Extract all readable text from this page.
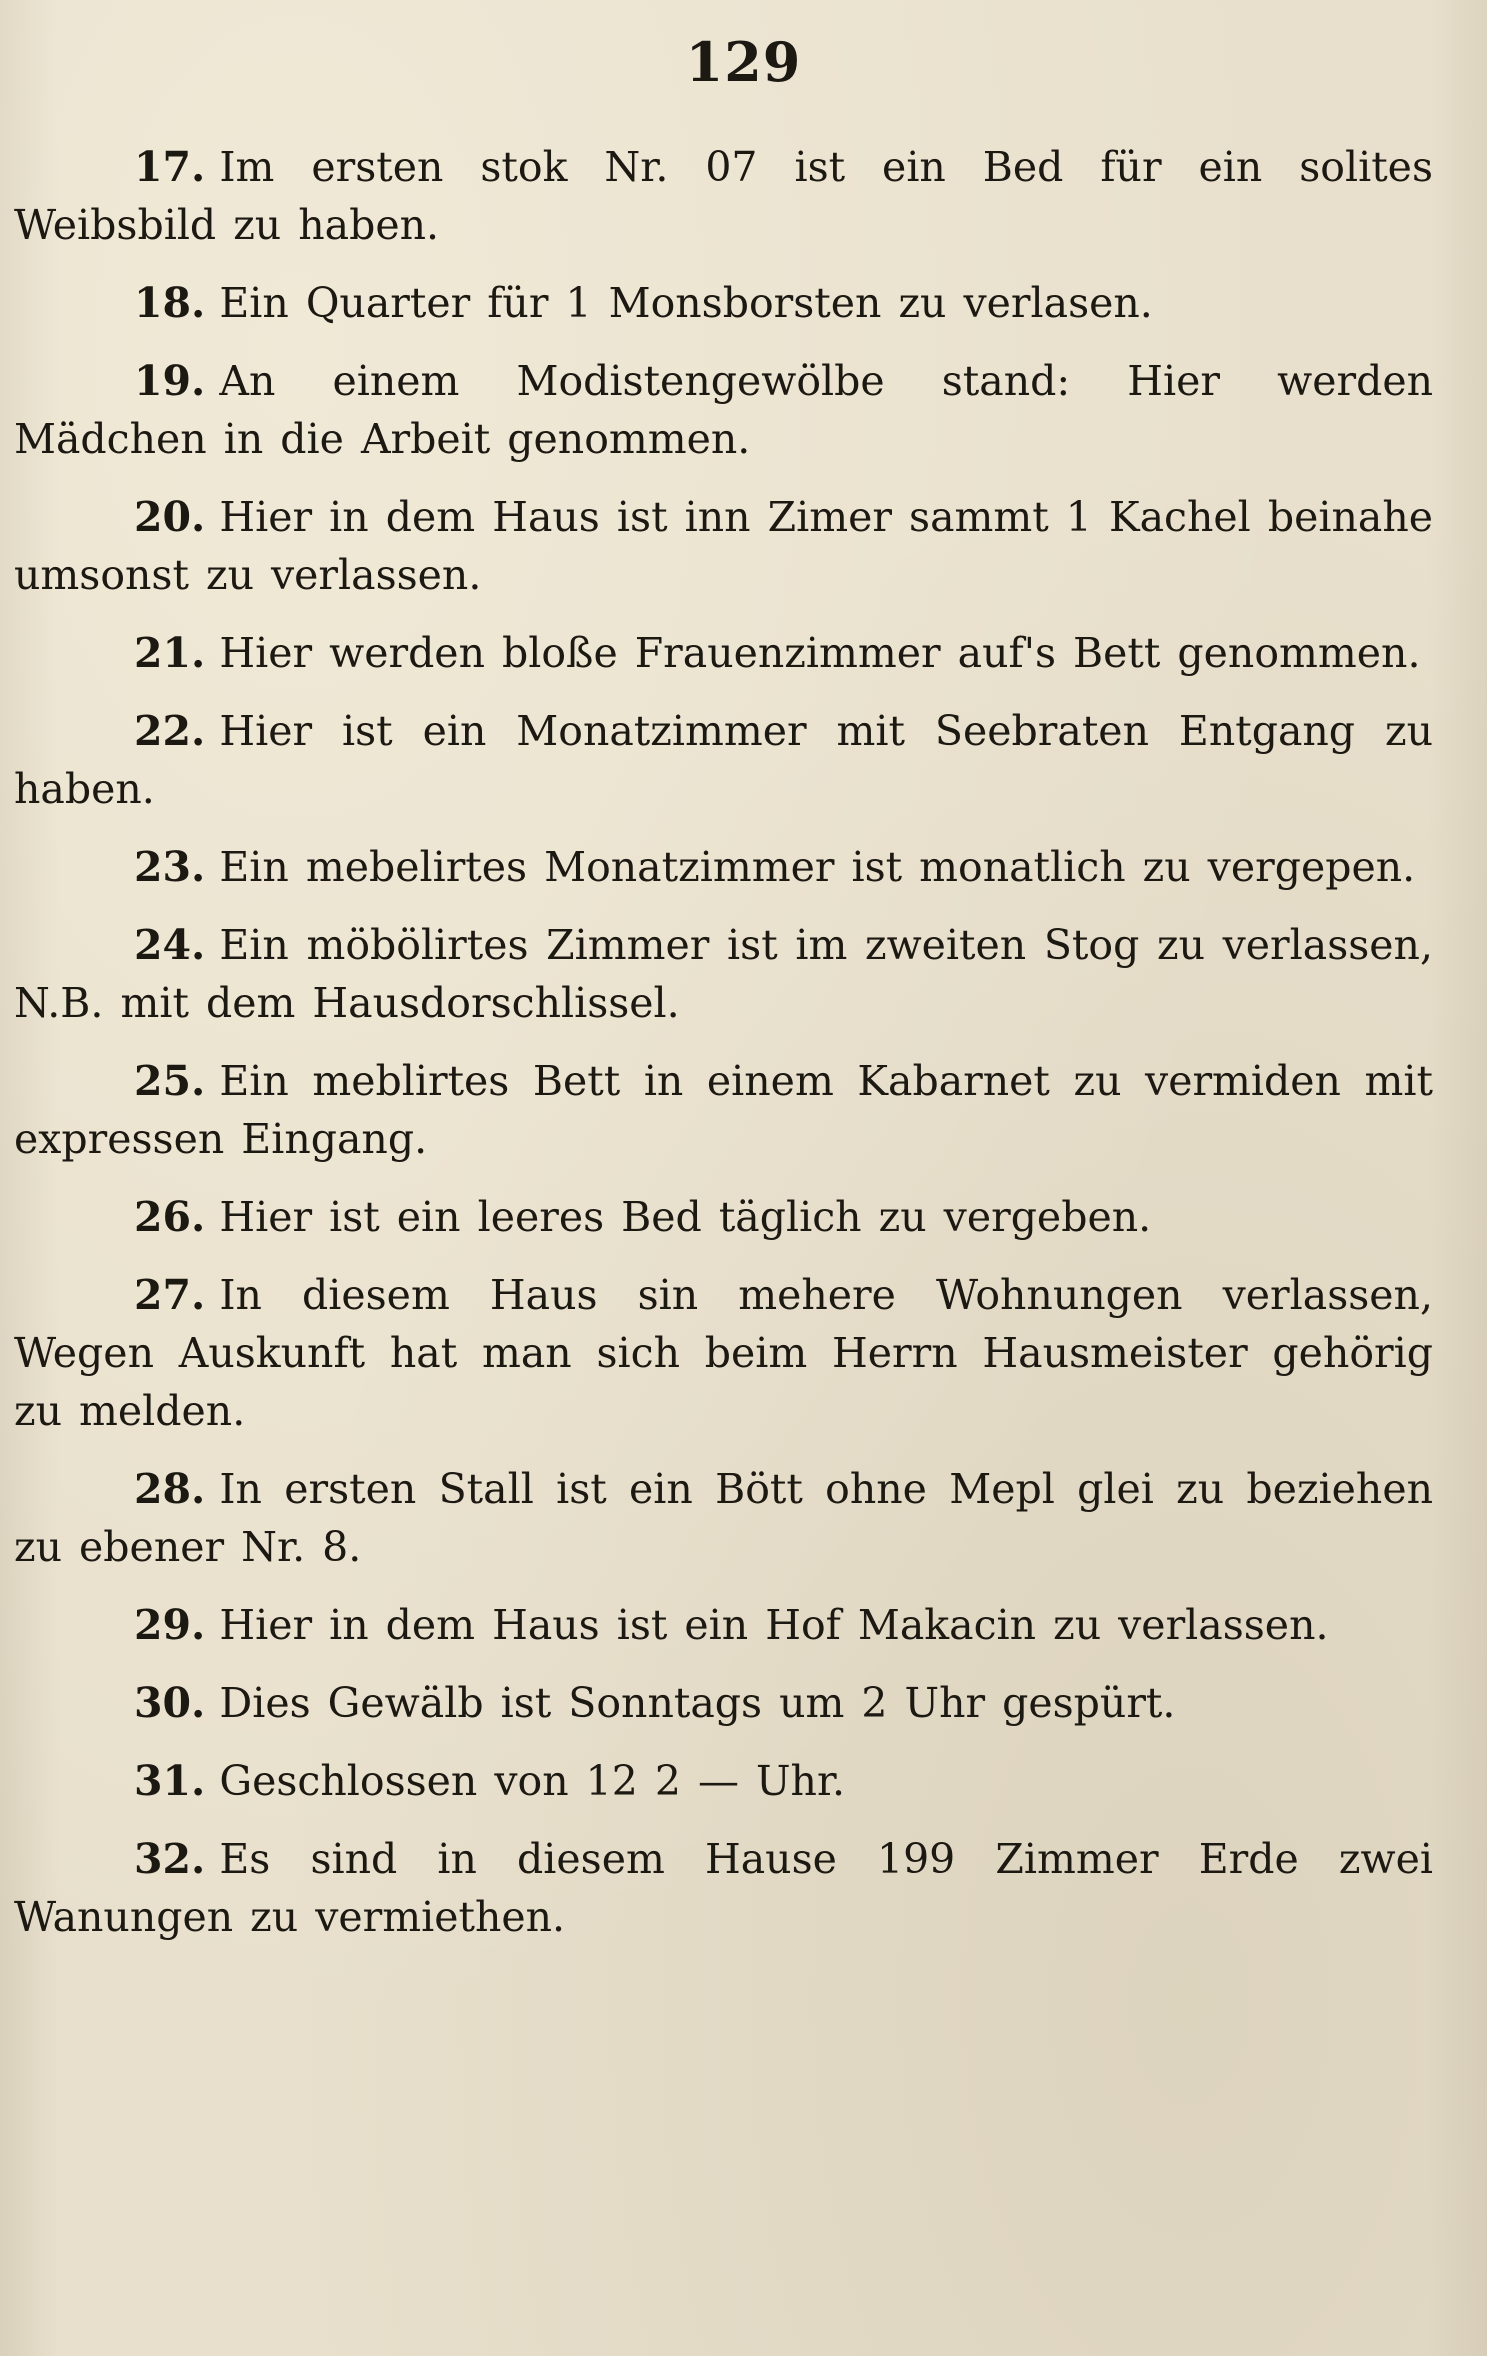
129
17. Im ersten stok Nr. 07 ist ein Bed für ein solites Weibsbild zu haben.
18. Ein Quarter für 1 Monsborsten zu verlasen.
19. An einem Modistengewölbe stand: Hier werden Mädchen in die Arbeit genommen.
20. Hier in dem Haus ist inn Zimer sammt 1 Kachel beinahe umsonst zu verlassen.
21. Hier werden bloße Frauenzimmer auf's Bett genommen.
22. Hier ist ein Monatzimmer mit Seebraten Entgang zu haben.
23. Ein mebelirtes Monatzimmer ist monatlich zu vergepen.
24. Ein möbölirtes Zimmer ist im zweiten Stog zu verlassen, N.B. mit dem Hausdorschlissel.
25. Ein meblirtes Bett in einem Kabarnet zu vermiden mit expressen Eingang.
26. Hier ist ein leeres Bed täglich zu vergeben.
27. In diesem Haus sin mehere Wohnungen verlassen, Wegen Auskunft hat man sich beim Herrn Hausmeister gehörig zu melden.
28. In ersten Stall ist ein Bött ohne Mepl glei zu beziehen zu ebener Nr. 8.
29. Hier in dem Haus ist ein Hof Makacin zu verlassen.
30. Dies Gewälb ist Sonntags um 2 Uhr gespürt.
31. Geschlossen von 12 2 — Uhr.
32. Es sind in diesem Hause 199 Zimmer Erde zwei Wanungen zu vermiethen.
